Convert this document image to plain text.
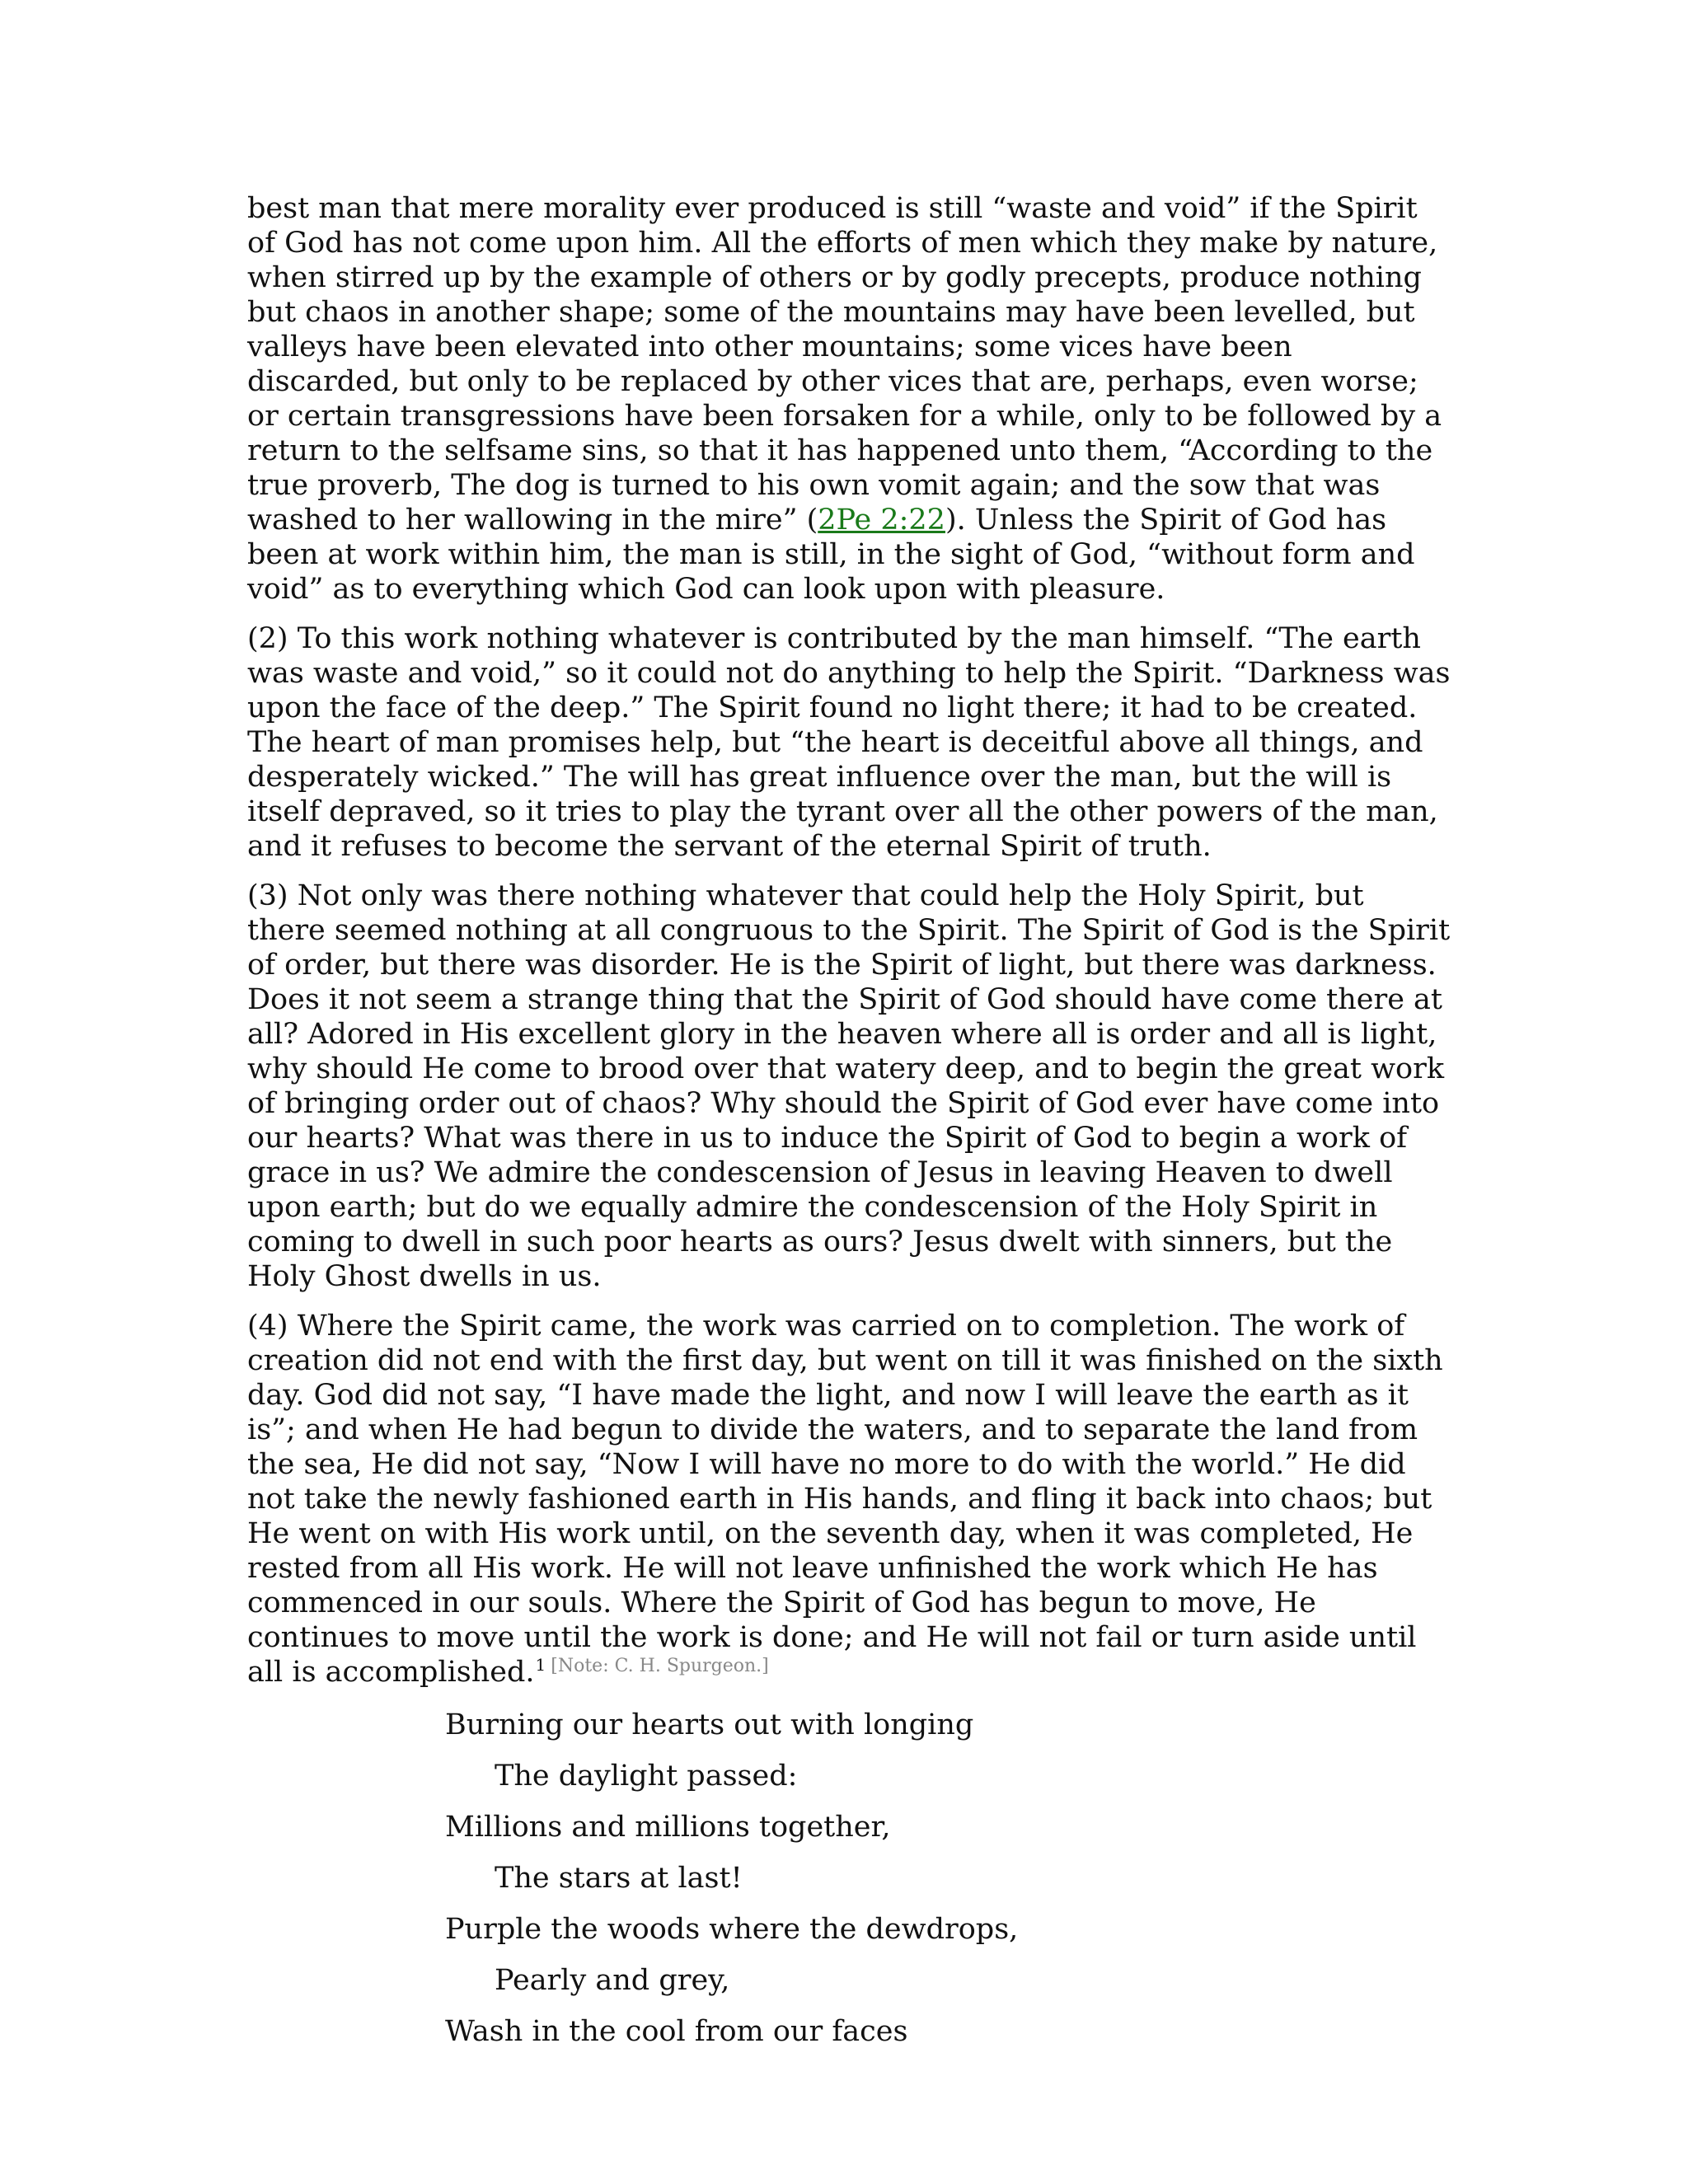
best man that mere morality ever produced is still “waste and void” if the Spirit of God has not come upon him. All the efforts of men which they make by nature, when stirred up by the example of others or by godly precepts, produce nothing but chaos in another shape; some of the mountains may have been levelled, but valleys have been elevated into other mountains; some vices have been discarded, but only to be replaced by other vices that are, perhaps, even worse; or certain transgressions have been forsaken for a while, only to be followed by a return to the selfsame sins, so that it has happened unto them, “According to the true proverb, The dog is turned to his own vomit again; and the sow that was washed to her wallowing in the mire” (2Pe 2:22). Unless the Spirit of God has been at work within him, the man is still, in the sight of God, “without form and void” as to everything which God can look upon with pleasure.

(2) To this work nothing whatever is contributed by the man himself. “The earth was waste and void,” so it could not do anything to help the Spirit. “Darkness was upon the face of the deep.” The Spirit found no light there; it had to be created. The heart of man promises help, but “the heart is deceitful above all things, and desperately wicked.” The will has great influence over the man, but the will is itself depraved, so it tries to play the tyrant over all the other powers of the man, and it refuses to become the servant of the eternal Spirit of truth.

(3) Not only was there nothing whatever that could help the Holy Spirit, but there seemed nothing at all congruous to the Spirit. The Spirit of God is the Spirit of order, but there was disorder. He is the Spirit of light, but there was darkness. Does it not seem a strange thing that the Spirit of God should have come there at all? Adored in His excellent glory in the heaven where all is order and all is light, why should He come to brood over that watery deep, and to begin the great work of bringing order out of chaos? Why should the Spirit of God ever have come into our hearts? What was there in us to induce the Spirit of God to begin a work of grace in us? We admire the condescension of Jesus in leaving Heaven to dwell upon earth; but do we equally admire the condescension of the Holy Spirit in coming to dwell in such poor hearts as ours? Jesus dwelt with sinners, but the Holy Ghost dwells in us.

(4) Where the Spirit came, the work was carried on to completion. The work of creation did not end with the first day, but went on till it was finished on the sixth day. God did not say, “I have made the light, and now I will leave the earth as it is”; and when He had begun to divide the waters, and to separate the land from the sea, He did not say, “Now I will have no more to do with the world.” He did not take the newly fashioned earth in His hands, and fling it back into chaos; but He went on with His work until, on the seventh day, when it was completed, He rested from all His work. He will not leave unfinished the work which He has commenced in our souls. Where the Spirit of God has begun to move, He continues to move until the work is done; and He will not fail or turn aside until all is accomplished.$^1$ [Note: C. H. Spurgeon.]

Burning our hearts out with longing
The daylight passed:
Millions and millions together,
The stars at last!
Purple the woods where the dewdrops,
Pearly and grey,
Wash in the cool from our faces
